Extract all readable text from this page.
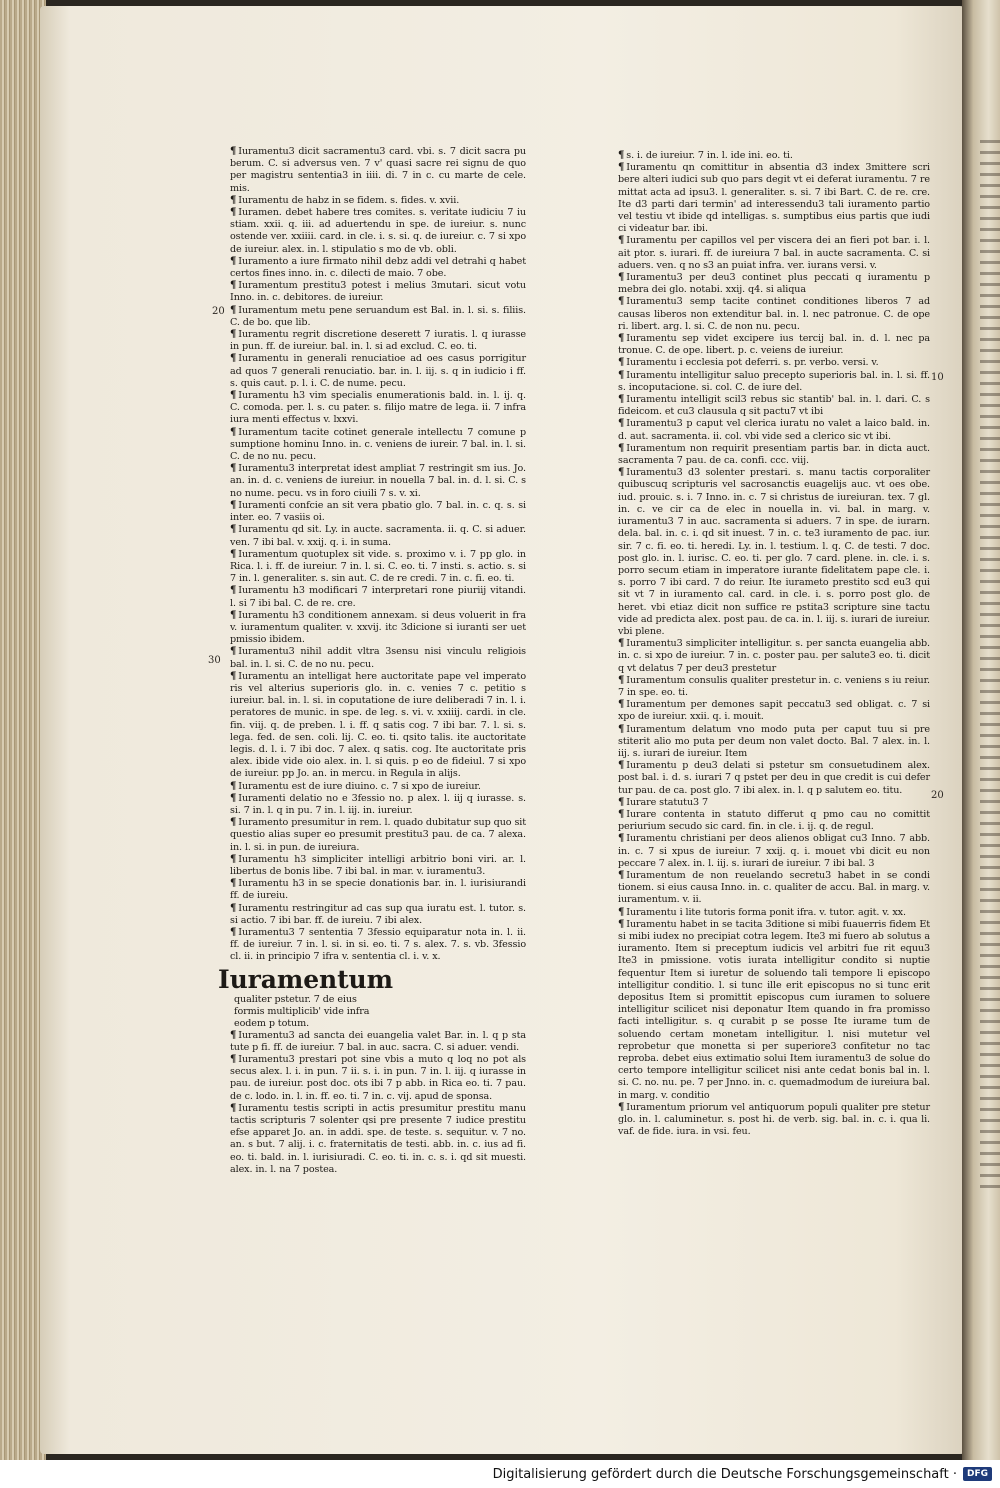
20
30
10
20

¶ Iuramentu3 dicit sacramentu3 card. vbi. s. 7 dicit sacra pu berum. C. si adversus ven. 7 v' quasi sacre rei signu de quo per magistru sententia3 in iiii. di. 7 in c. cu marte de cele. mis.

¶ Iuramentu de habz in se fidem. s. fides. v. xvii.

¶ Iuramen. debet habere tres comites. s. veritate iudiciu 7 iu stiam. xxii. q. iii. ad aduertendu in spe. de iureiur. s. nunc ostende ver. xxiiii. card. in cle. i. s. si. q. de iureiur. c. 7 si xpo de iureiur. alex. in. l. stipulatio s mo de vb. obli.

¶ Iuramento a iure firmato nihil debz addi vel detrahi q habet certos fines inno. in. c. dilecti de maio. 7 obe.

¶ Iuramentum prestitu3 potest i melius 3mutari. sicut votu Inno. in. c. debitores. de iureiur.

¶ Iuramentum metu pene seruandum est Bal. in. l. si. s. filiis. C. de bo. que lib.

¶ Iuramentu regrit discretione deserett 7 iuratis. l. q iurasse in pun. ff. de iureiur. bal. in. l. si ad exclud. C. eo. ti.

¶ Iuramentu in generali renuciatioe ad oes casus porrigitur ad quos 7 generali renuciatio. bar. in. l. iij. s. q in iudicio i ff. s. quis caut. p. l. i. C. de nume. pecu.

¶ Iuramentu h3 vim specialis enumerationis bald. in. l. ij. q. C. comoda. per. l. s. cu pater. s. filijo matre de lega. ii. 7 infra iura menti effectus v. lxxvi.

¶ Iuramentum tacite cotinet generale intellectu 7 comune p sumptione hominu Inno. in. c. veniens de iureir. 7 bal. in. l. si. C. de no nu. pecu.

¶ Iuramentu3 interpretat idest ampliat 7 restringit sm ius. Jo. an. in. d. c. veniens de iureiur. in nouella 7 bal. in. d. l. si. C. s no nume. pecu. vs in foro ciuili 7 s. v. xi.

¶ Iuramenti confcie an sit vera pbatio glo. 7 bal. in. c. q. s. si inter. eo. 7 vasiis oi.

¶ Iuramentu qd sit. Ly. in aucte. sacramenta. ii. q. C. si aduer. ven. 7 ibi bal. v. xxij. q. i. in suma.

¶ Iuramentum quotuplex sit vide. s. proximo v. i. 7 pp glo. in Rica. l. i. ff. de iureiur. 7 in. l. si. C. eo. ti. 7 insti. s. actio. s. si 7 in. l. generaliter. s. sin aut. C. de re credi. 7 in. c. fi. eo. ti.

¶ Iuramentu h3 modificari 7 interpretari rone piuriij vitandi. l. si 7 ibi bal. C. de re. cre.

¶ Iuramentu h3 conditionem annexam. si deus voluerit in fra v. iuramentum qualiter. v. xxvij. itc 3dicione si iuranti ser uet pmissio ibidem.

¶ Iuramentu3 nihil addit vltra 3sensu nisi vinculu religiois bal. in. l. si. C. de no nu. pecu.

¶ Iuramentu an intelligat here auctoritate pape vel imperato ris vel alterius superioris glo. in. c. venies 7 c. petitio s iureiur. bal. in. l. si. in coputatione de iure deliberadi 7 in. l. i. peratores de munic. in spe. de leg. s. vi. v. xxiiij. cardi. in cle. fin. viij. q. de preben. l. i. ff. q satis cog. 7 ibi bar. 7. l. si. s. lega. fed. de sen. coli. lij. C. eo. ti. qsito talis. ite auctoritate legis. d. l. i. 7 ibi doc. 7 alex. q satis. cog. Ite auctoritate pris alex. ibide vide oio alex. in. l. si quis. p eo de fideiul. 7 si xpo de iureiur. pp Jo. an. in mercu. in Regula in alijs.

¶ Iuramentu est de iure diuino. c. 7 si xpo de iureiur.

¶ Iuramenti delatio no e 3fessio no. p alex. l. iij q iurasse. s. si. 7 in. l. q in pu. 7 in. l. iij. in. iureiur.

¶ Iuramento presumitur in rem. l. quado dubitatur sup quo sit questio alias super eo presumit prestitu3 pau. de ca. 7 alexa. in. l. si. in pun. de iureiura.

¶ Iuramentu h3 simpliciter intelligi arbitrio boni viri. ar. l. libertus de bonis libe. 7 ibi bal. in mar. v. iuramentu3.

¶ Iuramentu h3 in se specie donationis bar. in. l. iurisiurandi ff. de iureiu.

¶ Iuramentu restringitur ad cas sup qua iuratu est. l. tutor. s. si actio. 7 ibi bar. ff. de iureiu. 7 ibi alex.

¶ Iuramentu3 7 sententia 7 3fessio equiparatur nota in. l. ii. ff. de iureiur. 7 in. l. si. in si. eo. ti. 7 s. alex. 7. s. vb. 3fessio cl. ii. in principio 7 ifra v. sententia cl. i. v. x.

Iuramentum qualiter pstetur. 7 de eius formis multiplicib' vide infra eodem p totum.

¶ Iuramentu3 ad sancta dei euangelia valet Bar. in. l. q p sta tute p fi. ff. de iureiur. 7 bal. in auc. sacra. C. si aduer. vendi.

¶ Iuramentu3 prestari pot sine vbis a muto q loq no pot als secus alex. l. i. in pun. 7 ii. s. i. in pun. 7 in. l. iij. q iurasse in pau. de iureiur. post doc. ots ibi 7 p abb. in Rica eo. ti. 7 pau. de c. lodo. in. l. in. ff. eo. ti. 7 in. c. vij. apud de sponsa.

¶ Iuramentu testis scripti in actis presumitur prestitu manu tactis scripturis 7 solenter qsi pre presente 7 iudice prestitu efse apparet Jo. an. in addi. spe. de teste. s. sequitur. v. 7 no. an. s but. 7 alij. i. c. fraternitatis de testi. abb. in. c. ius ad fi. eo. ti. bald. in. l. iurisiuradi. C. eo. ti. in. c. s. i. qd sit muesti. alex. in. l. na 7 postea.

¶ s. i. de iureiur. 7 in. l. ide ini. eo. ti.

¶ Iuramentu qn comittitur in absentia d3 index 3mittere scri bere alteri iudici sub quo pars degit vt ei deferat iuramentu. 7 re mittat acta ad ipsu3. l. generaliter. s. si. 7 ibi Bart. C. de re. cre. Ite d3 parti dari termin' ad interessendu3 tali iuramento partio vel testiu vt ibide qd intelligas. s. sumptibus eius partis que iudi ci videatur bar. ibi.

¶ Iuramentu per capillos vel per viscera dei an fieri pot bar. i. l. ait ptor. s. iurari. ff. de iureiura 7 bal. in aucte sacramenta. C. si aduers. ven. q no s3 an puiat infra. ver. iurans versi. v.

¶ Iuramentu3 per deu3 continet plus peccati q iuramentu p mebra dei glo. notabi. xxij. q4. si aliqua

¶ Iuramentu3 semp tacite continet conditiones liberos 7 ad causas liberos non extenditur bal. in. l. nec patronue. C. de ope ri. libert. arg. l. si. C. de non nu. pecu.

¶ Iuramentu sep videt excipere ius tercij bal. in. d. l. nec pa tronue. C. de ope. libert. p. c. veiens de iureiur.

¶ Iuramentu i ecclesia pot deferri. s. pr. verbo. versi. v.

¶ Iuramentu intelligitur saluo precepto superioris bal. in. l. si. ff. s. incoputacione. si. col. C. de iure del.

¶ Iuramentu intelligit scil3 rebus sic stantib' bal. in. l. dari. C. s fideicom. et cu3 clausula q sit pactu7 vt ibi

¶ Iuramentu3 p caput vel clerica iuratu no valet a laico bald. in. d. aut. sacramenta. ii. col. vbi vide sed a clerico sic vt ibi.

¶ Iuramentum non requirit presentiam partis bar. in dicta auct. sacramenta 7 pau. de ca. confi. ccc. viij.

¶ Iuramentu3 d3 solenter prestari. s. manu tactis corporaliter quibuscuq scripturis vel sacrosanctis euagelijs auc. vt oes obe. iud. prouic. s. i. 7 Inno. in. c. 7 si christus de iureiuran. tex. 7 gl. in. c. ve cir ca de elec in nouella in. vi. bal. in marg. v. iuramentu3 7 in auc. sacramenta si aduers. 7 in spe. de iurarn. dela. bal. in. c. i. qd sit inuest. 7 in. c. te3 iuramento de pac. iur. sir. 7 c. fi. eo. ti. heredi. Ly. in. l. testium. l. q. C. de testi. 7 doc. post glo. in. l. iurisc. C. eo. ti. per glo. 7 card. plene. in. cle. i. s. porro secum etiam in imperatore iurante fidelitatem pape cle. i. s. porro 7 ibi card. 7 do reiur. Ite iurameto prestito scd eu3 qui sit vt 7 in iuramento cal. card. in cle. i. s. porro post glo. de heret. vbi etiaz dicit non suffice re pstita3 scripture sine tactu vide ad predicta alex. post pau. de ca. in. l. iij. s. iurari de iureiur. vbi plene.

¶ Iuramentu3 simpliciter intelligitur. s. per sancta euangelia abb. in. c. si xpo de iureiur. 7 in. c. poster pau. per salute3 eo. ti. dicit q vt delatus 7 per deu3 prestetur

¶ Iuramentum consulis qualiter prestetur in. c. veniens s iu reiur. 7 in spe. eo. ti.

¶ Iuramentum per demones sapit peccatu3 sed obligat. c. 7 si xpo de iureiur. xxii. q. i. mouit.

¶ Iuramentum delatum vno modo puta per caput tuu si pre stiterit alio mo puta per deum non valet docto. Bal. 7 alex. in. l. iij. s. iurari de iureiur. Item

¶ Iuramentu p deu3 delati si pstetur sm consuetudinem alex. post bal. i. d. s. iurari 7 q pstet per deu in que credit is cui defer tur pau. de ca. post glo. 7 ibi alex. in. l. q p salutem eo. titu.

¶ Iurare statutu3 7

¶ Iurare contenta in statuto differut q pmo cau no comittit periurium secudo sic card. fin. in cle. i. ij. q. de regul.

¶ Iuramentu christiani per deos alienos obligat cu3 Inno. 7 abb. in. c. 7 si xpus de iureiur. 7 xxij. q. i. mouet vbi dicit eu non peccare 7 alex. in. l. iij. s. iurari de iureiur. 7 ibi bal. 3

¶ Iuramentum de non reuelando secretu3 habet in se condi tionem. si eius causa Inno. in. c. qualiter de accu. Bal. in marg. v. iuramentum. v. ii.

¶ Iuramentu i lite tutoris forma ponit ifra. v. tutor. agit. v. xx.

¶ Iuramentu habet in se tacita 3ditione si mibi fuauerris fidem Et si mibi iudex no precipiat cotra legem. Ite3 mi fuero ab solutus a iuramento. Item si preceptum iudicis vel arbitri fue rit equu3 Ite3 in pmissione. votis iurata intelligitur condito si nuptie fequentur Item si iuretur de soluendo tali tempore li episcopo intelligitur conditio. l. si tunc ille erit episcopus no si tunc erit depositus Item si promittit episcopus cum iuramen to soluere intelligitur scilicet nisi deponatur Item quando in fra promisso facti intelligitur. s. q curabit p se posse Ite iurame tum de soluendo certam monetam intelligitur. l. nisi mutetur vel reprobetur que monetta si per superiore3 confitetur no tac reproba. debet eius extimatio solui Item iuramentu3 de solue do certo tempore intelligitur scilicet nisi ante cedat bonis bal in. l. si. C. no. nu. pe. 7 per Jnno. in. c. quemadmodum de iureiura bal. in marg. v. conditio

¶ Iuramentum priorum vel antiquorum populi qualiter pre stetur glo. in. l. caluminetur. s. post hi. de verb. sig. bal. in. c. i. qua li. vaf. de fide. iura. in vsi. feu.

Digitalisierung gefördert durch die Deutsche Forschungsgemeinschaft ·	DFG
